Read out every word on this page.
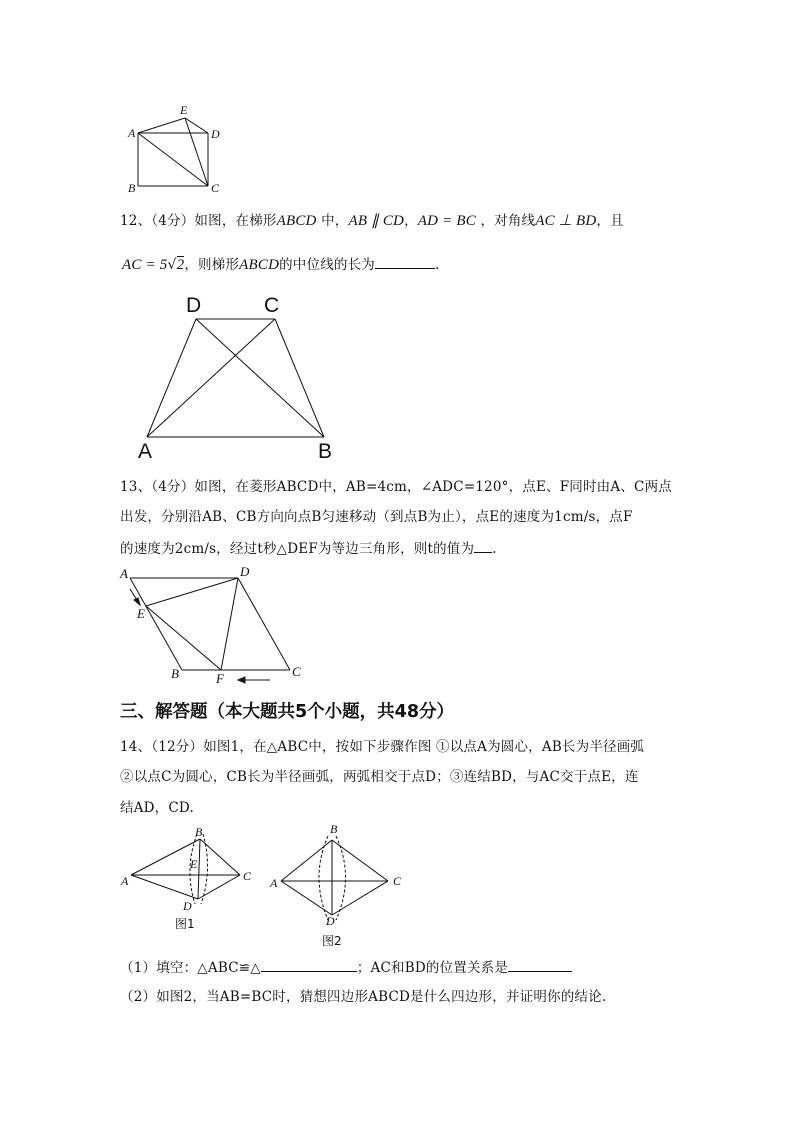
A
B	C
D
E
12、（4分）如图，在梯形ABCD 中，AB ∥ CD，AD = BC ，对角线AC ⊥ BD，且
AC = 5√2，则梯形ABCD的中位线的长为	.
D	C
A	B
13、（4分）如图，在菱形ABCD中，AB=4cm，∠ADC=120°，点E、F同时由A、C两点
出发，分别沿AB、CB方向向点B匀速移动（到点B为止），点E的速度为1cm/s，点F
的速度为2cm/s，经过t秒△DEF为等边三角形，则t的值为 .
A
B	C
D
E
F
三、解答题（本大题共5个小题，共48分）
14、（12分）如图1，在△ABC中，按如下步骤作图 ①以点A为圆心，AB长为半径画弧
②以点C为圆心，CB长为半径画弧，两弧相交于点D；③连结BD，与AC交于点E，连
结AD，CD.
A
B
C
D
E
图1
A
B
C
D
图2
（1）填空：△ABC≌△	；AC和BD的位置关系是
（2）如图2，当AB=BC时，猜想四边形ABCD是什么四边形，并证明你的结论.
